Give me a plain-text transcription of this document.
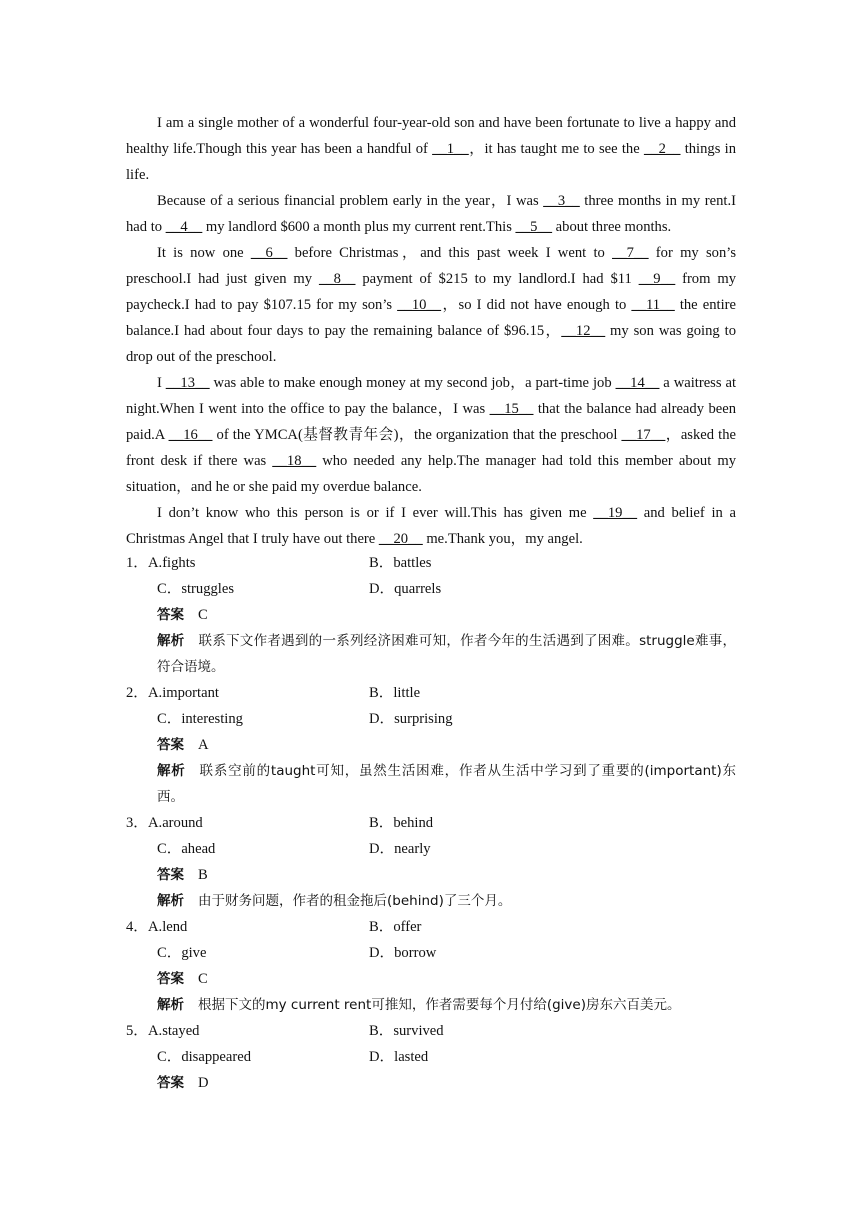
I am a single mother of a wonderful four-year-old son and have been fortunate to live a happy and healthy life.Though this year has been a handful of __1__，it has taught me to see the __2__ things in life.

Because of a serious financial problem early in the year，I was __3__ three months in my rent.I had to __4__ my landlord $600 a month plus my current rent.This __5__ about three months.

It is now one __6__ before Christmas，and this past week I went to __7__ for my son’s preschool.I had just given my __8__ payment of $215 to my landlord.I had $11 __9__ from my paycheck.I had to pay $107.15 for my son’s __10__，so I did not have enough to __11__ the entire balance.I had about four days to pay the remaining balance of $96.15，__12__ my son was going to drop out of the preschool.

I __13__ was able to make enough money at my second job，a part-time job __14__ a waitress at night.When I went into the office to pay the balance，I was __15__ that the balance had already been paid.A __16__ of the YMCA(基督教青年会)，the organization that the preschool __17__，asked the front desk if there was __18__ who needed any help.The manager had told this member about my situation，and he or she paid my overdue balance.

I don’t know who this person is or if I ever will.This has given me __19__ and belief in a Christmas Angel that I truly have out there __20__ me.Thank you，my angel.

1． A.fights	B．battles
C．struggles	D．quarrels
答案 C

解析 联系下文作者遇到的一系列经济困难可知，作者今年的生活遇到了困难。struggle难事，符合语境。

2． A.important	B．little
C．interesting	D．surprising
答案 A

解析 联系空前的taught可知，虽然生活困难，作者从生活中学习到了重要的(important)东西。

3． A.around	B．behind
C．ahead	D．nearly
答案 B

解析 由于财务问题，作者的租金拖后(behind)了三个月。

4． A.lend	B．offer
C．give	D．borrow
答案 C

解析 根据下文的my current rent可推知，作者需要每个月付给(give)房东六百美元。

5． A.stayed	B．survived
C．disappeared	D．lasted
答案 D
